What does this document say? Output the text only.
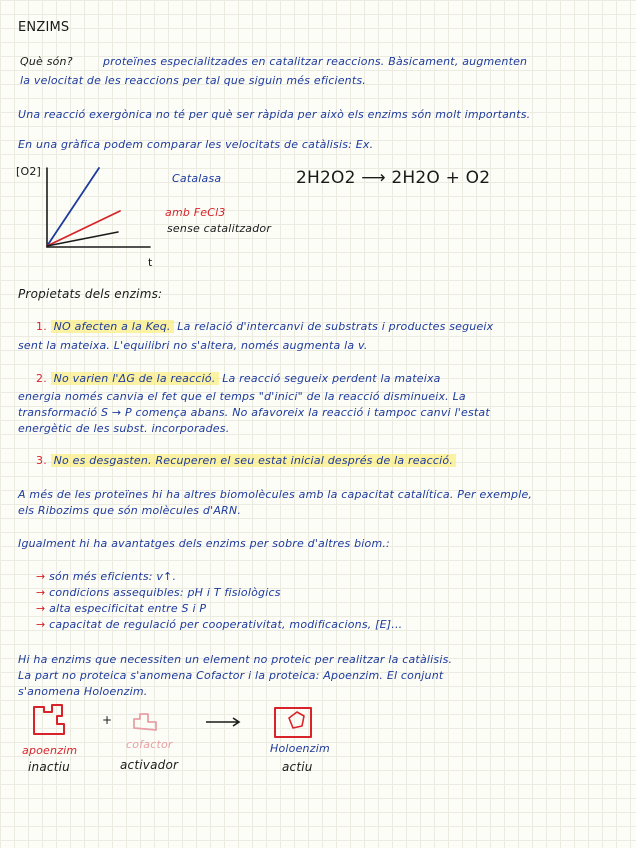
ENZIMS
Què són?	proteïnes especialitzades en catalitzar reaccions. Bàsicament, augmenten
la velocitat de les reaccions per tal que siguin més eficients.
Una reacció exergònica no té per què ser ràpida per això els enzims són molt importants.
En una gràfica podem comparar les velocitats de catàlisis: Ex.
[O2]
t
Catalasa
amb FeCl3
sense catalitzador
2H2O2 ⟶ 2H2O + O2
Propietats dels enzims:
1. NO afecten a la Keq. La relació d'intercanvi de substrats i productes segueix
sent la mateixa. L'equilibri no s'altera, només augmenta la v.
2. No varien l'ΔG de la reacció. La reacció segueix perdent la mateixa
energia només canvia el fet que el temps "d'inici" de la reacció disminueix. La
transformació S → P comença abans. No afavoreix la reacció i tampoc canvi l'estat
energètic de les subst. incorporades.
3. No es desgasten. Recuperen el seu estat inicial després de la reacció.
A més de les proteïnes hi ha altres biomolècules amb la capacitat catalítica. Per exemple,
els Ribozims que són molècules d'ARN.
Igualment hi ha avantatges dels enzims per sobre d'altres biom.:
→ són més eficients: v↑.
→ condicions assequibles: pH i T fisiològics
→ alta especificitat entre S i P
→ capacitat de regulació per cooperativitat, modificacions, [E]...
Hi ha enzims que necessiten un element no proteic per realitzar la catàlisis.
La part no proteica s'anomena Cofactor i la proteica: Apoenzim. El conjunt
s'anomena Holoenzim.
+
apoenzim
inactiu
cofactor
activador
Holoenzim
actiu
